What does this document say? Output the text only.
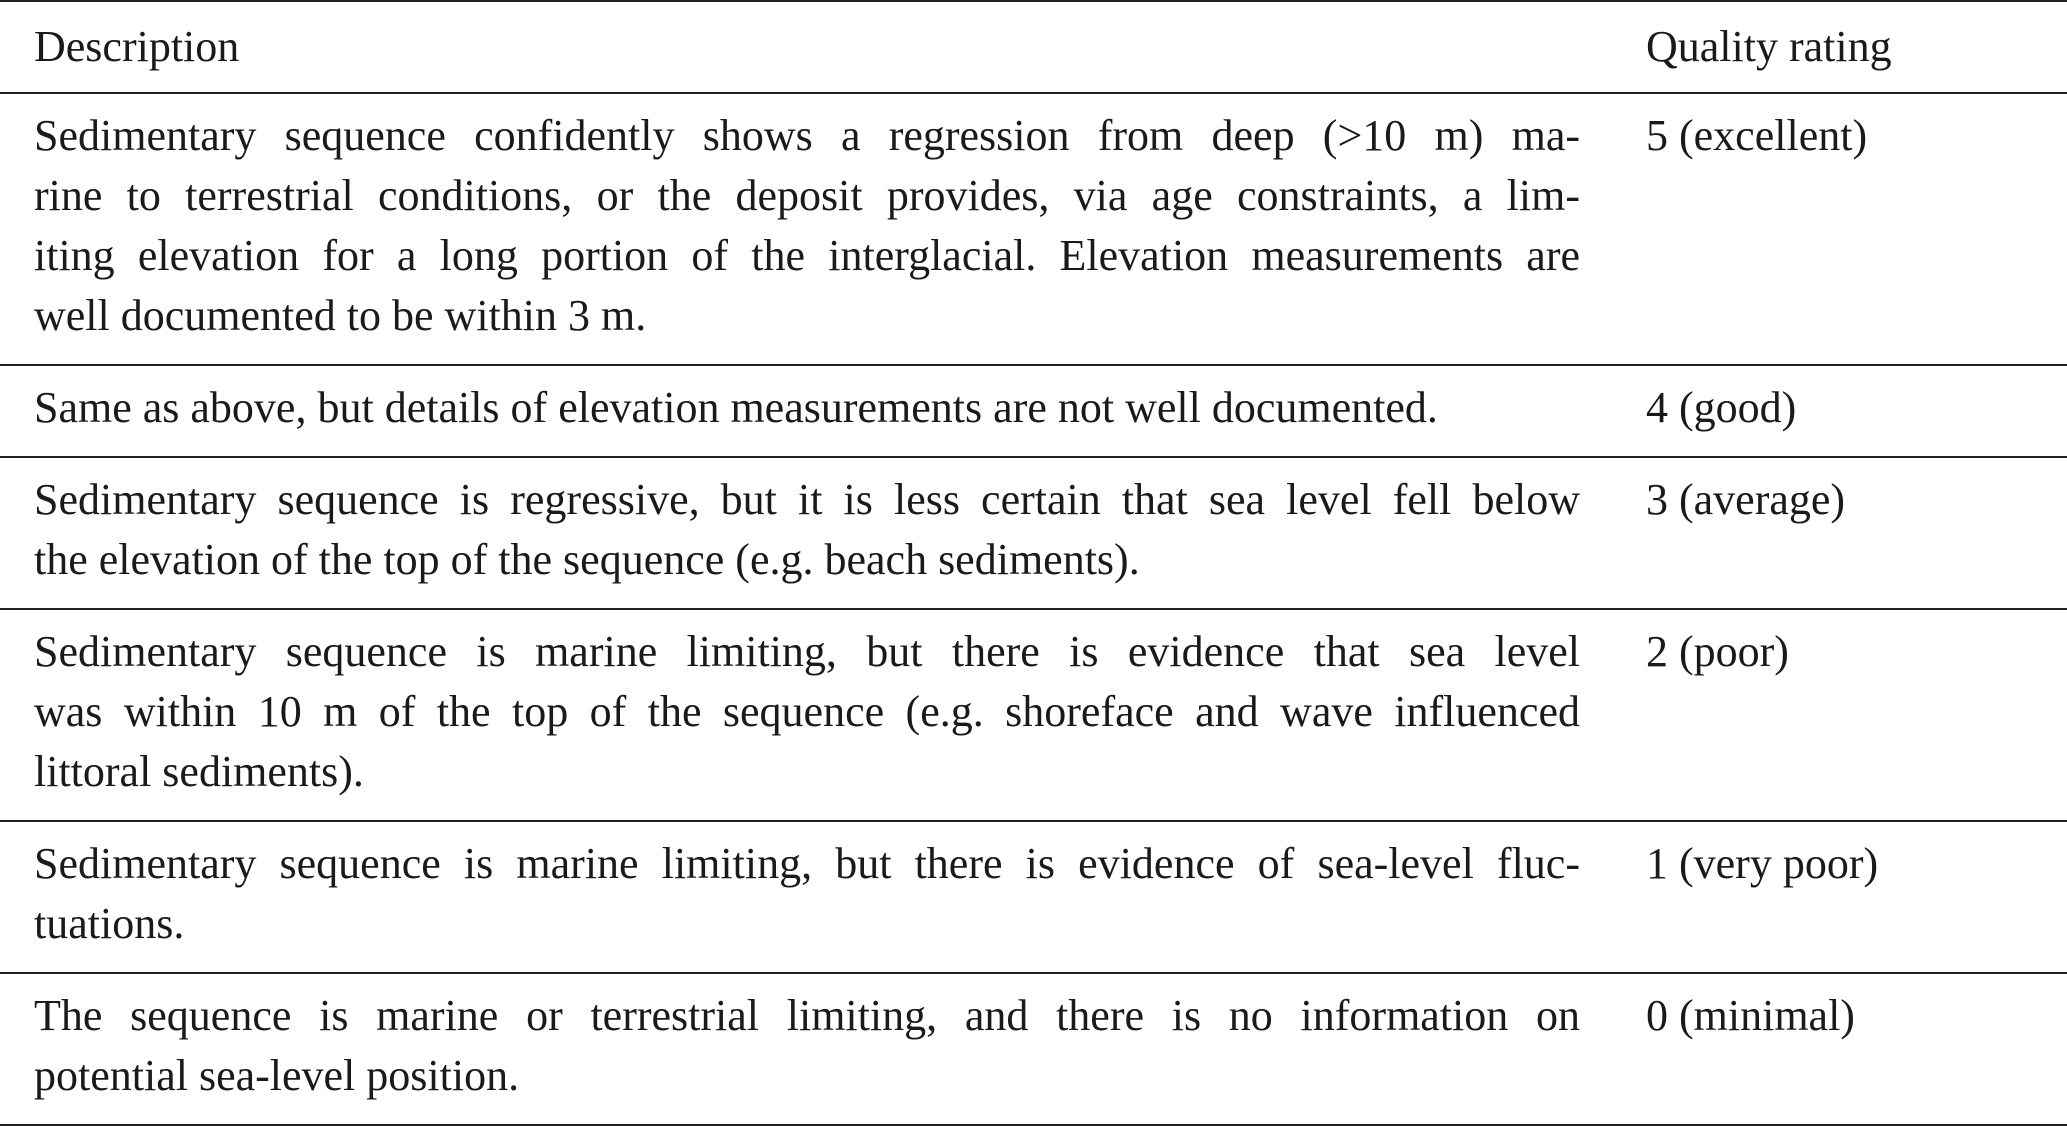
Description	Quality rating

Sedimentary sequence confidently shows a regression from deep (>10 m) ma-
rine to terrestrial conditions, or the deposit provides, via age constraints, a lim-
iting elevation for a long portion of the interglacial. Elevation measurements are
well documented to be within 3 m.	5 (excellent)

Same as above, but details of elevation measurements are not well documented.	4 (good)

Sedimentary sequence is regressive, but it is less certain that sea level fell below
the elevation of the top of the sequence (e.g. beach sediments).	3 (average)

Sedimentary sequence is marine limiting, but there is evidence that sea level
was within 10 m of the top of the sequence (e.g. shoreface and wave influenced
littoral sediments).	2 (poor)

Sedimentary sequence is marine limiting, but there is evidence of sea-level fluc-
tuations.	1 (very poor)

The sequence is marine or terrestrial limiting, and there is no information on
potential sea-level position.	0 (minimal)
